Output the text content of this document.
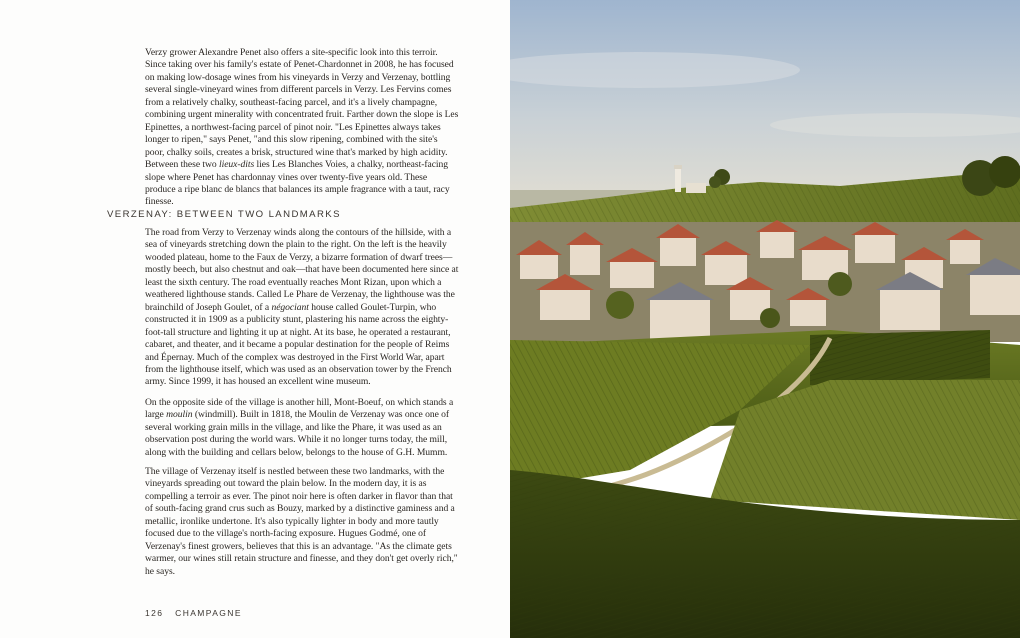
Verzy grower Alexandre Penet also offers a site-specific look into this terroir. Since taking over his family's estate of Penet-Chardonnet in 2008, he has focused on making low-dosage wines from his vineyards in Verzy and Verzenay, bottling several single-vineyard wines from different parcels in Verzy. Les Fervins comes from a relatively chalky, southeast-facing parcel, and it's a lively champagne, combining urgent minerality with concentrated fruit. Farther down the slope is Les Epinettes, a northwest-facing parcel of pinot noir. "Les Epinettes always takes longer to ripen," says Penet, "and this slow ripening, combined with the site's poor, chalky soils, creates a brisk, structured wine that's marked by high acidity. Between these two lieux-dits lies Les Blanches Voies, a chalky, northeast-facing slope where Penet has chardonnay vines over twenty-five years old. These produce a ripe blanc de blancs that balances its ample fragrance with a taut, racy finesse.

VERZENAY: BETWEEN TWO LANDMARKS

The road from Verzy to Verzenay winds along the contours of the hillside, with a sea of vineyards stretching down the plain to the right. On the left is the heavily wooded plateau, home to the Faux de Verzy, a bizarre formation of dwarf trees—mostly beech, but also chestnut and oak—that have been documented here since at least the sixth century. The road eventually reaches Mont Rizan, upon which a weathered lighthouse stands. Called Le Phare de Verzenay, the lighthouse was the brainchild of Joseph Goulet, of a négociant house called Goulet-Turpin, who constructed it in 1909 as a publicity stunt, plastering his name across the eighty-foot-tall structure and lighting it up at night. At its base, he operated a restaurant, cabaret, and theater, and it became a popular destination for the people of Reims and Épernay. Much of the complex was destroyed in the First World War, apart from the lighthouse itself, which was used as an observation tower by the French army. Since 1999, it has housed an excellent wine museum.

On the opposite side of the village is another hill, Mont-Boeuf, on which stands a large moulin (windmill). Built in 1818, the Moulin de Verzenay was once one of several working grain mills in the village, and like the Phare, it was used as an observation post during the world wars. While it no longer turns today, the mill, along with the building and cellars below, belongs to the house of G.H. Mumm.

The village of Verzenay itself is nestled between these two landmarks, with the vineyards spreading out toward the plain below. In the modern day, it is as compelling a terroir as ever. The pinot noir here is often darker in flavor than that of south-facing grand crus such as Bouzy, marked by a distinctive gaminess and a metallic, ironlike undertone. It's also typically lighter in body and more tautly focused due to the village's north-facing exposure. Hugues Godmé, one of Verzenay's finest growers, believes that this is an advantage. "As the climate gets warmer, our wines still retain structure and finesse, and they don't get overly rich," he says.

126 CHAMPAGNE
